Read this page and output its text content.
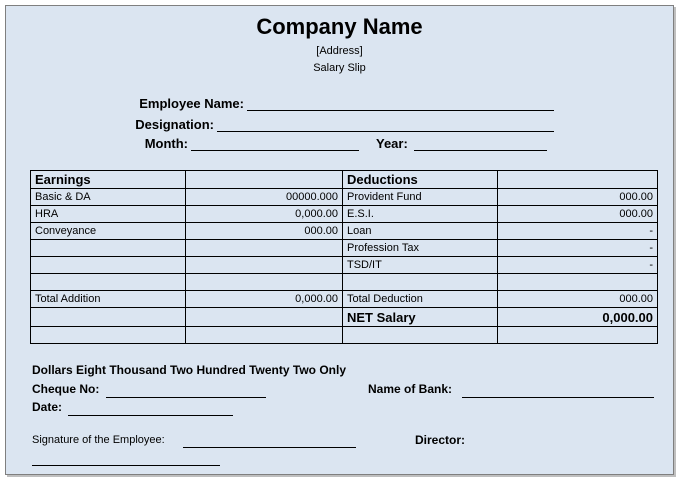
Company Name
[Address]
Salary Slip
Employee Name:
Designation:
Month:	Year:
Earnings		Deductions	
Basic & DA	00000.000	Provident Fund	000.00
HRA	0,000.00	E.S.I.	000.00
Conveyance	000.00	Loan	-
		Profession Tax	-
		TSD/IT	-

Total Addition	0,000.00	Total Deduction	000.00
		NET Salary	0,000.00

Dollars Eight Thousand Two Hundred Twenty Two Only
Cheque No:	Name of Bank:
Date:
Signature of the Employee:	Director:
